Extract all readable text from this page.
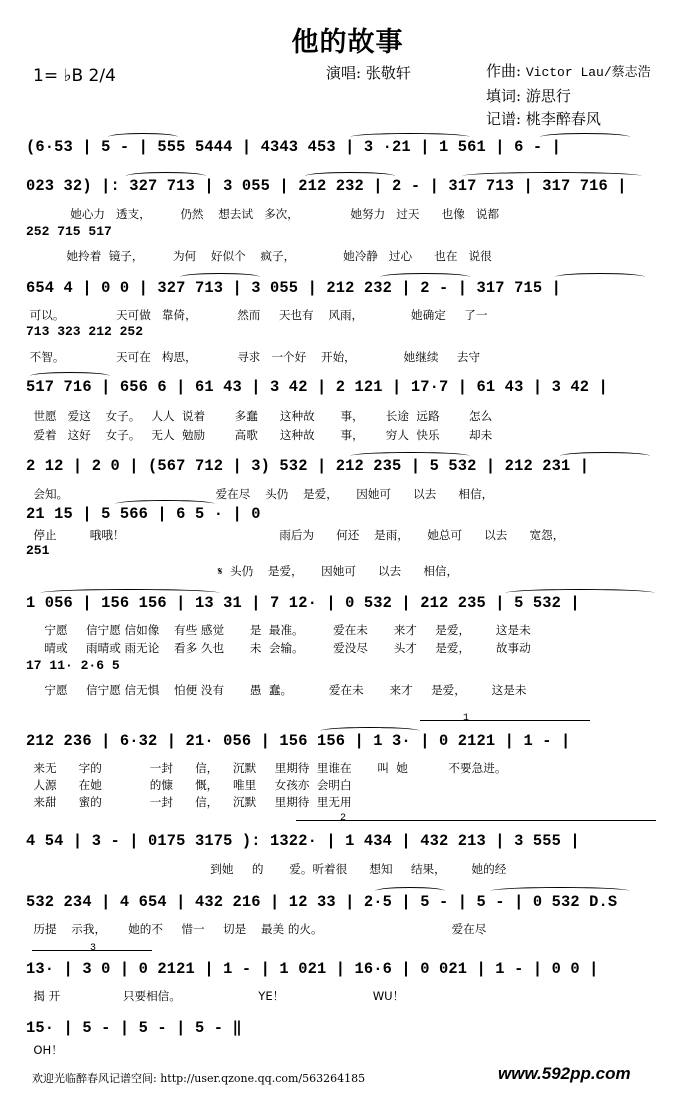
他的故事
1= ♭B 2/4	演唱: 张敬轩	作曲: Victor Lau/蔡志浩
填词: 游思行
记谱: 桃李醉春风
(6·53 | 5 - | 555 5444 | 4343 453 | 3 ·21 | 1 561 | 6 - |
023 32) |: 327 713 | 3 055 | 212 232 | 2 - | 317 713 | 317 716 |
她心力   透支，        仍然    想去试   多次，              她努力   过天      也像   说都
252 715 517
她拎着  镜子，        为何    好似个    疯子，             她冷静   过心      也在   说很
654 4 | 0 0 | 327 713 | 3 055 | 212 232 | 2 - | 317 715 |
可以。              天可做   靠倚，           然而     天也有    风雨，             她确定     了一
713 323 212 252
不智。              天可在   构思，           寻求   一个好    开始，             她继续     去守
517 716 | 656 6 | 61 43 | 3 42 | 2 121 | 17·7 | 61 43 | 3 42 |
世愿   爱这    女子。   人人  说着        多蠢      这种故       事，      长途  远路        怎么
爱着   这好    女子。   无人  勉励        高歌      这种故       事，      穷人  快乐        却未
2 12 | 2 0 | (567 712 | 3) 532 | 212 235 | 5 532 | 212 231 |
会知。                                        爱在尽    头仍    是爱，     因她可      以去      相信，
21 15 | 5 566 | 6 5 · | 0
停止         哦哦！                                          雨后为      何还    是雨，     她总可      以去      宽怨，
251
𝄋  头仍    是爱，     因她可      以去      相信，
1 056 | 156 156 | 13 31 | 7 12· | 0 532 | 212 235 | 5 532 |
宁愿     信宁愿 信如像    有些 感觉       是  最准。        爱在未       来才     是爱，       这是未
晴或     雨晴或 雨无论    看多 久也       未  会输。        爱没尽       头才     是爱，       故事动
17 11· 2·6 5
宁愿     信宁愿 信无惧    怕便 没有       愚  蠢。          爱在未       来才     是爱，       这是未
1
212 236 | 6·32 | 21· 056 | 156 156 | 1 3· | 0 2121 | 1 - |
来无      字的             一封      信，    沉默     里期待  里谁在       叫  她           不要急进。
人源      在她             的慷      慨，    唯里     女孩亦  会明白
来甜      蜜的             一封      信，    沉默     里期待  里无用
2
4 54 | 3 - | 0175 3175 ): 1322· | 1 434 | 432 213 | 3 555 |
到她     的       爱。听着很      想知     结果，       她的经
532 234 | 4 654 | 432 216 | 12 33 | 2·5 | 5 - | 5 - | 0 532 D.S
历提    示我，      她的不     惜一     切是    最美 的火。                                   爱在尽
3
13· | 3 0 | 0 2121 | 1 - | 1 021 | 16·6 | 0 021 | 1 - | 0 0 |
揭 开                 只要相信。                     YE！                        WU！
15· | 5 - | 5 - | 5 - ‖
OH！
欢迎光临醉春风记谱空间: http://user.qzone.qq.com/563264185	www.592pp.com
